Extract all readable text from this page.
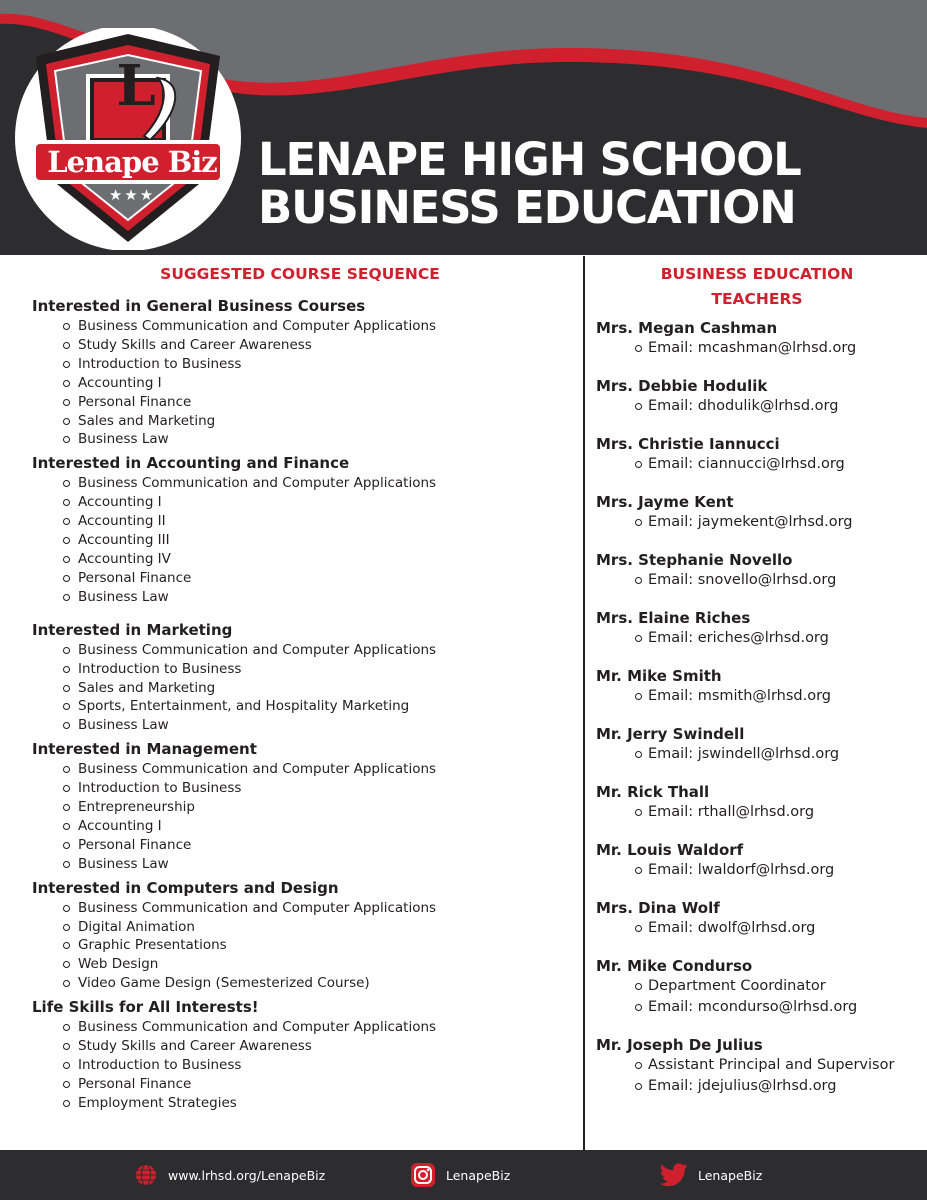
L
Lenape Biz
★★★
LENAPE HIGH SCHOOL
BUSINESS EDUCATION
SUGGESTED COURSE SEQUENCE
Interested in General Business Courses
Business Communication and Computer Applications
Study Skills and Career Awareness
Introduction to Business
Accounting I
Personal Finance
Sales and Marketing
Business Law
Interested in Accounting and Finance
Business Communication and Computer Applications
Accounting I
Accounting II
Accounting III
Accounting IV
Personal Finance
Business Law
Interested in Marketing
Business Communication and Computer Applications
Introduction to Business
Sales and Marketing
Sports, Entertainment, and Hospitality Marketing
Business Law
Interested in Management
Business Communication and Computer Applications
Introduction to Business
Entrepreneurship
Accounting I
Personal Finance
Business Law
Interested in Computers and Design
Business Communication and Computer Applications
Digital Animation
Graphic Presentations
Web Design
Video Game Design (Semesterized Course)
Life Skills for All Interests!
Business Communication and Computer Applications
Study Skills and Career Awareness
Introduction to Business
Personal Finance
Employment Strategies
BUSINESS EDUCATION
TEACHERS
Mrs. Megan Cashman
Email: mcashman@lrhsd.org
Mrs. Debbie Hodulik
Email: dhodulik@lrhsd.org
Mrs. Christie Iannucci
Email: ciannucci@lrhsd.org
Mrs. Jayme Kent
Email: jaymekent@lrhsd.org
Mrs. Stephanie Novello
Email: snovello@lrhsd.org
Mrs. Elaine Riches
Email: eriches@lrhsd.org
Mr. Mike Smith
Email: msmith@lrhsd.org
Mr. Jerry Swindell
Email: jswindell@lrhsd.org
Mr. Rick Thall
Email: rthall@lrhsd.org
Mr. Louis Waldorf
Email: lwaldorf@lrhsd.org
Mrs. Dina Wolf
Email: dwolf@lrhsd.org
Mr. Mike Condurso
Department Coordinator
Email: mcondurso@lrhsd.org
Mr. Joseph De Julius
Assistant Principal and Supervisor
Email: jdejulius@lrhsd.org
www.lrhsd.org/LenapeBiz	LenapeBiz	LenapeBiz
